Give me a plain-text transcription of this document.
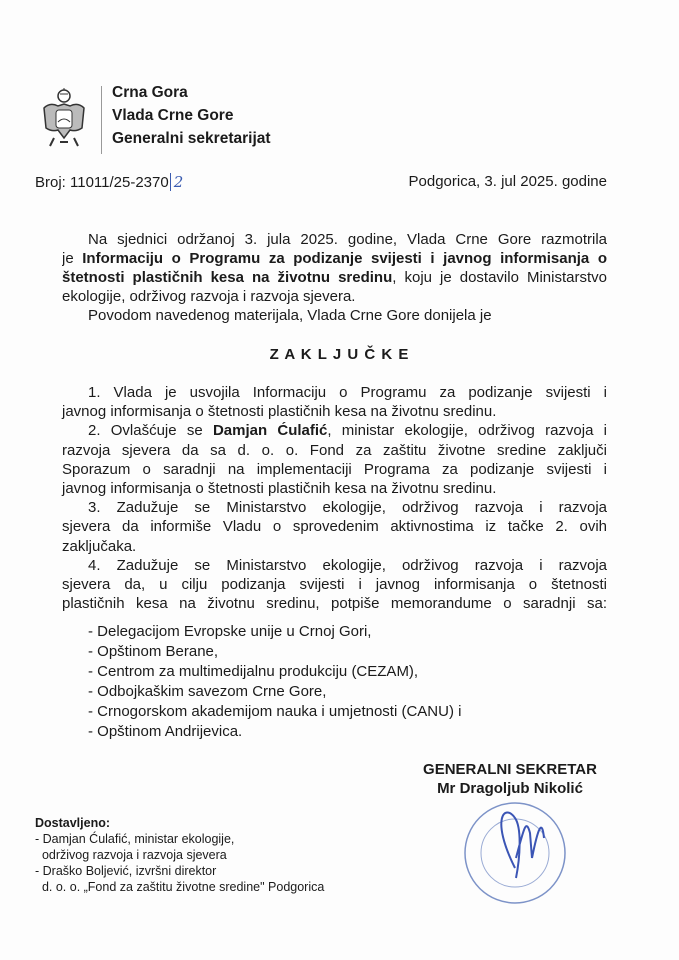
Crna Gora
Vlada Crne Gore
Generalni sekretarijat
Broj: 11011/25-2370 2	Podgorica, 3. jul 2025. godine
Na sjednici održanoj 3. jula 2025. godine, Vlada Crne Gore razmotrila
je Informaciju o Programu za podizanje svijesti i javnog informisanja o
štetnosti plastičnih kesa na životnu sredinu, koju je dostavilo Ministarstvo
ekologije, održivog razvoja i razvoja sjevera.
Povodom navedenog materijala, Vlada Crne Gore donijela je
Z A K L J U Č K E
1. Vlada je usvojila Informaciju o Programu za podizanje svijesti i
javnog informisanja o štetnosti plastičnih kesa na životnu sredinu.
2. Ovlašćuje se Damjan Ćulafić, ministar ekologije, održivog razvoja i
razvoja sjevera da sa d. o. o. Fond za zaštitu životne sredine zaključi
Sporazum o saradnji na implementaciji Programa za podizanje svijesti i
javnog informisanja o štetnosti plastičnih kesa na životnu sredinu.
3. Zadužuje se Ministarstvo ekologije, održivog razvoja i razvoja
sjevera da informiše Vladu o sprovedenim aktivnostima iz tačke 2. ovih
zaključaka.
4. Zadužuje se Ministarstvo ekologije, održivog razvoja i razvoja
sjevera da, u cilju podizanja svijesti i javnog informisanja o štetnosti
plastičnih kesa na životnu sredinu, potpiše memorandume o saradnji sa:
- Delegacijom Evropske unije u Crnoj Gori,
- Opštinom Berane,
- Centrom za multimedijalnu produkciju (CEZAM),
- Odbojkaškim savezom Crne Gore,
- Crnogorskom akademijom nauka i umjetnosti (CANU) i
- Opštinom Andrijevica.
GENERALNI SEKRETAR
Mr Dragoljub Nikolić
Dostavljeno:
- Damjan Ćulafić, ministar ekologije,
održivog razvoja i razvoja sjevera
- Draško Boljević, izvršni direktor
d. o. o. „Fond za zaštitu životne sredine" Podgorica
